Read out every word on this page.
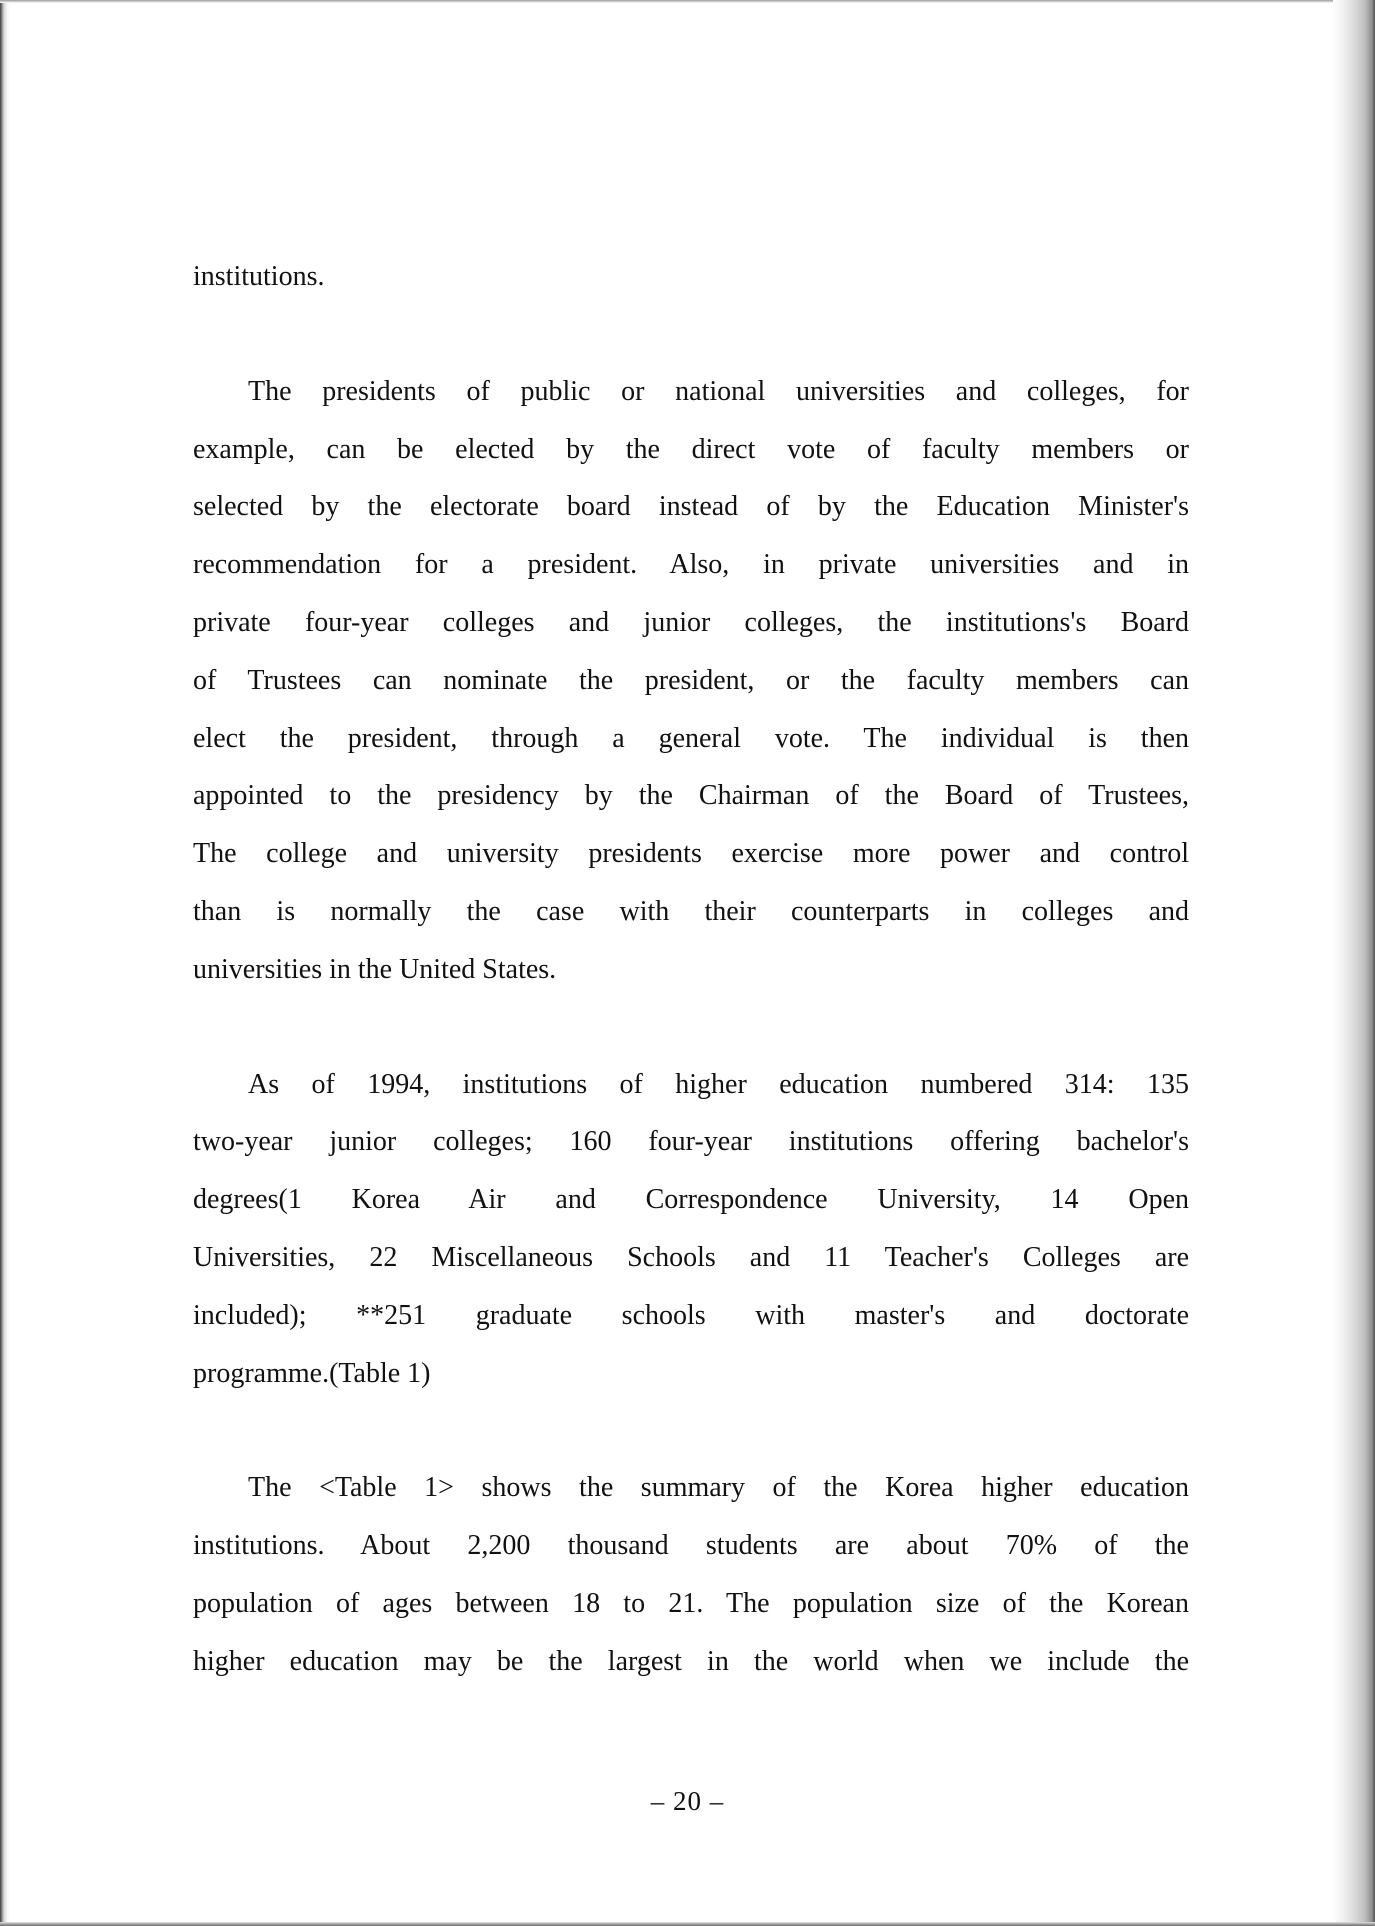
institutions.
The presidents of public or national universities and colleges, for
example, can be elected by the direct vote of faculty members or
selected by the electorate board instead of by the Education Minister's
recommendation for a president. Also, in private universities and in
private four-year colleges and junior colleges, the institutions's Board
of Trustees can nominate the president, or the faculty members can
elect the president, through a general vote. The individual is then
appointed to the presidency by the Chairman of the Board of Trustees,
The college and university presidents exercise more power and control
than is normally the case with their counterparts in colleges and
universities in the United States.
As of 1994, institutions of higher education numbered 314: 135
two-year junior colleges; 160 four-year institutions offering bachelor's
degrees(1 Korea Air and Correspondence University, 14 Open
Universities, 22 Miscellaneous Schools and 11 Teacher's Colleges are
included); **251 graduate schools with master's and doctorate
programme.(Table 1)
The <Table 1> shows the summary of the Korea higher education
institutions. About 2,200 thousand students are about 70% of the
population of ages between 18 to 21. The population size of the Korean
higher education may be the largest in the world when we include the
– 20 –
